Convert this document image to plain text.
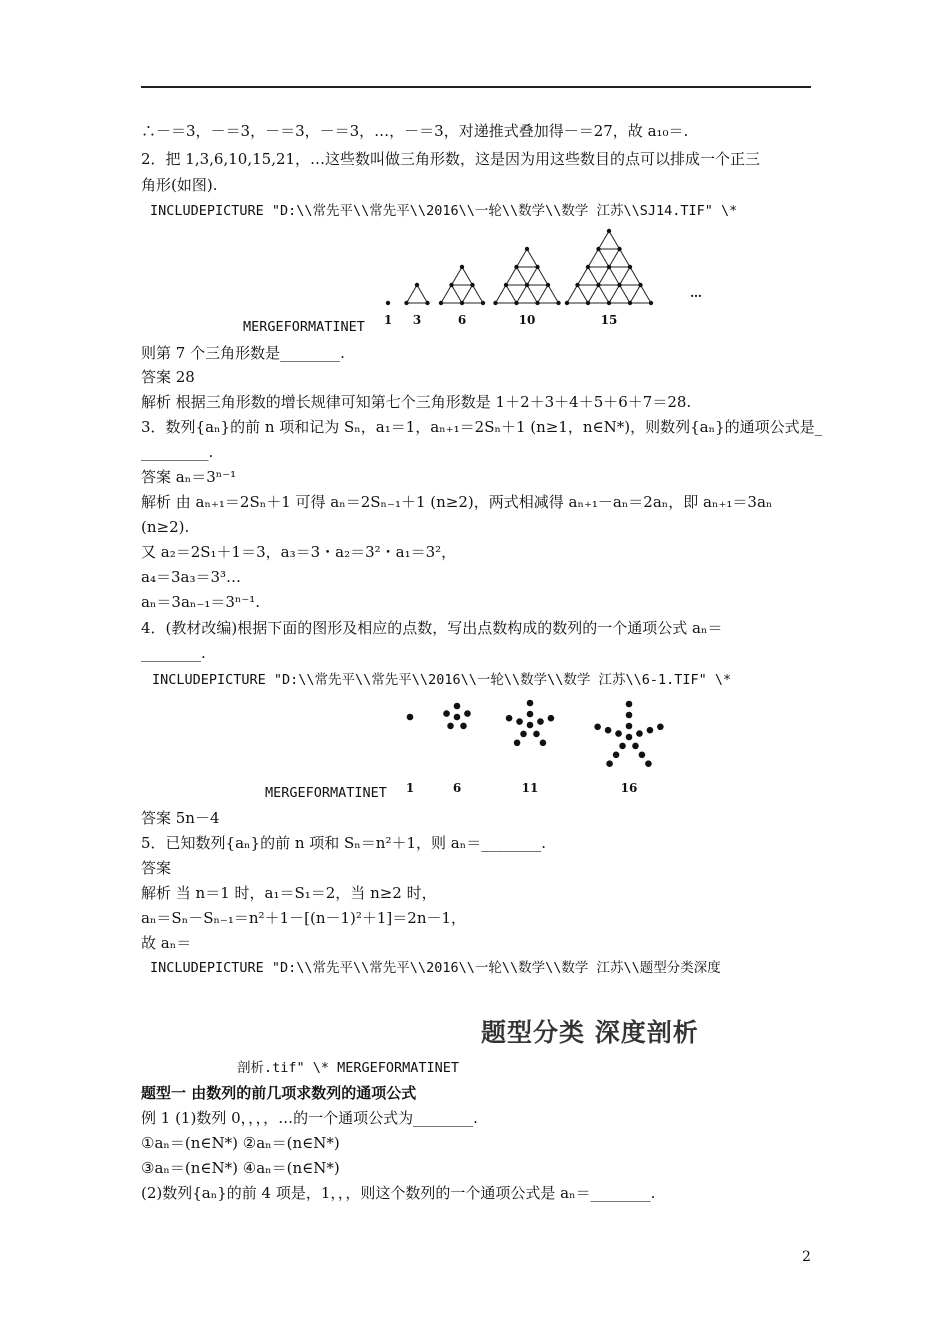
∴－＝3，－＝3，－＝3，－＝3，…，－＝3，对递推式叠加得－＝27，故 a₁₀＝.
2．把 1,3,6,10,15,21，…这些数叫做三角形数，这是因为用这些数目的点可以排成一个正三
角形(如图).
INCLUDEPICTURE "D:\\常先平\\常先平\\2016\\一轮\\数学\\数学 江苏\\SJ14.TIF" \*
1 3	6	10	15
…
MERGEFORMATINET
则第 7 个三角形数是________.
答案 28
解析 根据三角形数的增长规律可知第七个三角形数是 1＋2＋3＋4＋5＋6＋7＝28.
3．数列{aₙ}的前 n 项和记为 Sₙ，a₁＝1，aₙ₊₁＝2Sₙ＋1 (n≥1，n∈N*)，则数列{aₙ}的通项公式是_
_________.
答案 aₙ＝3ⁿ⁻¹
解析 由 aₙ₊₁＝2Sₙ＋1 可得 aₙ＝2Sₙ₋₁＋1 (n≥2)，两式相减得 aₙ₊₁－aₙ＝2aₙ，即 aₙ₊₁＝3aₙ
(n≥2).
又 a₂＝2S₁＋1＝3，a₃＝3・a₂＝3²・a₁＝3²，
a₄＝3a₃＝3³…
aₙ＝3aₙ₋₁＝3ⁿ⁻¹.
4．(教材改编)根据下面的图形及相应的点数，写出点数构成的数列的一个通项公式 aₙ＝
________.
INCLUDEPICTURE "D:\\常先平\\常先平\\2016\\一轮\\数学\\数学 江苏\\6-1.TIF" \*
1	6	11	16
MERGEFORMATINET
答案 5n－4
5．已知数列{aₙ}的前 n 项和 Sₙ＝n²＋1，则 aₙ＝________.
答案
解析 当 n＝1 时，a₁＝S₁＝2，当 n≥2 时，
aₙ＝Sₙ－Sₙ₋₁＝n²＋1－[(n－1)²＋1]＝2n－1，
故 aₙ＝
INCLUDEPICTURE "D:\\常先平\\常先平\\2016\\一轮\\数学\\数学 江苏\\题型分类深度
题型分类 深度剖析
剖析.tif" \* MERGEFORMATINET
题型一 由数列的前几项求数列的通项公式
例 1 (1)数列 0，，，，…的一个通项公式为________.
①aₙ＝(n∈N*) ②aₙ＝(n∈N*)
③aₙ＝(n∈N*) ④aₙ＝(n∈N*)
(2)数列{aₙ}的前 4 项是，1，，，则这个数列的一个通项公式是 aₙ＝________.
2
